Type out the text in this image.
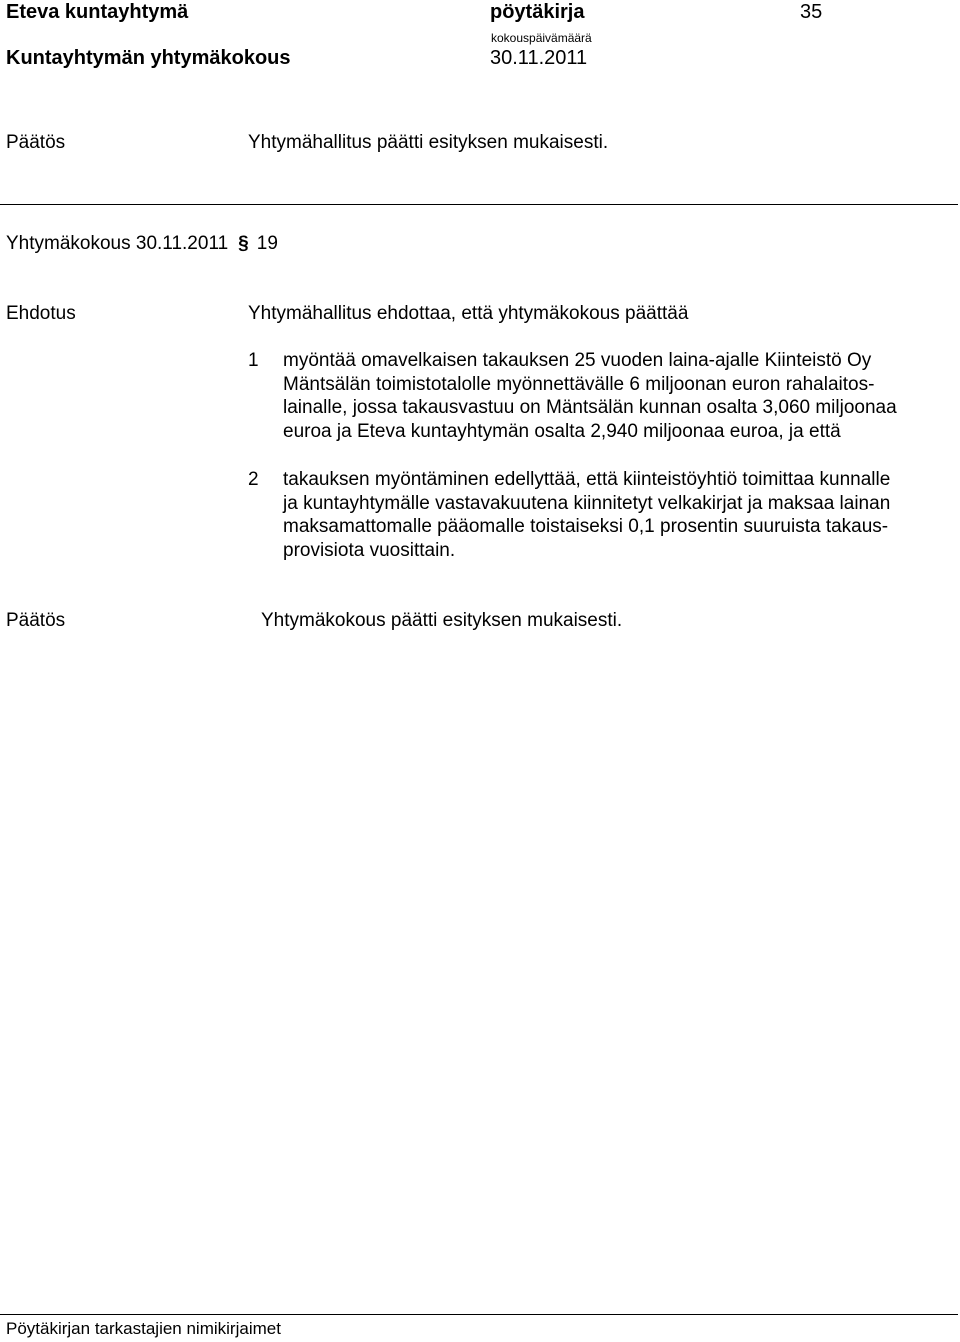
Eteva kuntayhtymä	pöytäkirja	35
kokouspäivämäärä
Kuntayhtymän yhtymäkokous	30.11.2011
Päätös	Yhtymähallitus päätti esityksen mukaisesti.
Yhtymäkokous 30.11.2011 § 19
Ehdotus	Yhtymähallitus ehdottaa, että yhtymäkokous päättää
1 myöntää omavelkaisen takauksen 25 vuoden laina-ajalle Kiinteistö Oy
Mäntsälän toimistotalolle myönnettävälle 6 miljoonan euron rahalaitos-
lainalle, jossa takausvastuu on Mäntsälän kunnan osalta 3,060 miljoonaa
euroa ja Eteva kuntayhtymän osalta 2,940 miljoonaa euroa, ja että
2 takauksen myöntäminen edellyttää, että kiinteistöyhtiö toimittaa kunnalle
ja kuntayhtymälle vastavakuutena kiinnitetyt velkakirjat ja maksaa lainan
maksamattomalle pääomalle toistaiseksi 0,1 prosentin suuruista takaus-
provisiota vuosittain.
Päätös	Yhtymäkokous päätti esityksen mukaisesti.
Pöytäkirjan tarkastajien nimikirjaimet
